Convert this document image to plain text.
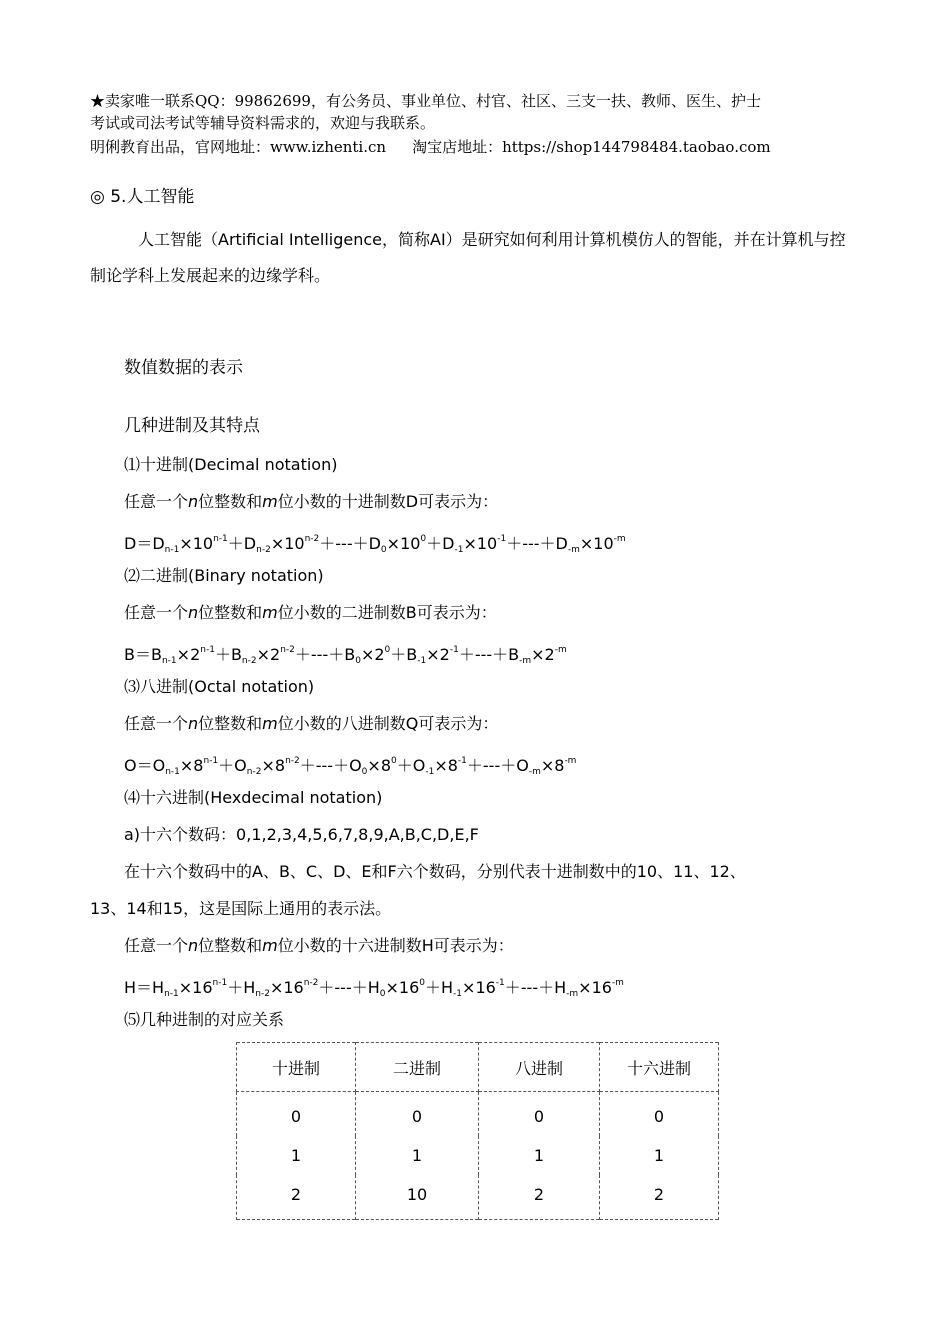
★卖家唯一联系QQ：99862699，有公务员、事业单位、村官、社区、三支一扶、教师、医生、护士
考试或司法考试等辅导资料需求的，欢迎与我联系。
明俐教育出品，官网地址：www.izhenti.cn 淘宝店地址：https://shop144798484.taobao.com
◎ 5.人工智能
人工智能（Artificial Intelligence，简称AI）是研究如何利用计算机模仿人的智能，并在计算机与控制论学科上发展起来的边缘学科。
数值数据的表示
几种进制及其特点
⑴十进制(Decimal notation)
任意一个n位整数和m位小数的十进制数D可表示为：
$D=D_{n-1}\times 10^{n-1}+D_{n-2}\times 10^{n-2}+---+D_0\times 10^0+D_{-1}\times 10^{-1}+---+D_{-m}\times 10^{-m}$
⑵二进制(Binary notation)
任意一个n位整数和m位小数的二进制数B可表示为：
$B=B_{n-1}\times 2^{n-1}+B_{n-2}\times 2^{n-2}+---+B_0\times 2^0+B_{-1}\times 2^{-1}+---+B_{-m}\times 2^{-m}$
⑶八进制(Octal notation)
任意一个n位整数和m位小数的八进制数Q可表示为：
$O=O_{n-1}\times 8^{n-1}+O_{n-2}\times 8^{n-2}+---+O_0\times 8^0+O_{-1}\times 8^{-1}+---+O_{-m}\times 8^{-m}$
⑷十六进制(Hexdecimal notation)
a)十六个数码：0,1,2,3,4,5,6,7,8,9,A,B,C,D,E,F
在十六个数码中的A、B、C、D、E和F六个数码，分别代表十进制数中的10、11、12、
13、14和15，这是国际上通用的表示法。
任意一个n位整数和m位小数的十六进制数H可表示为：
$H=H_{n-1}\times 16^{n-1}+H_{n-2}\times 16^{n-2}+---+H_0\times 16^0+H_{-1}\times 16^{-1}+---+H_{-m}\times 16^{-m}$
⑸几种进制的对应关系
十进制	二进制	八进制	十六进制
0	0	0	0
1	1	1	1
2	10	2	2
